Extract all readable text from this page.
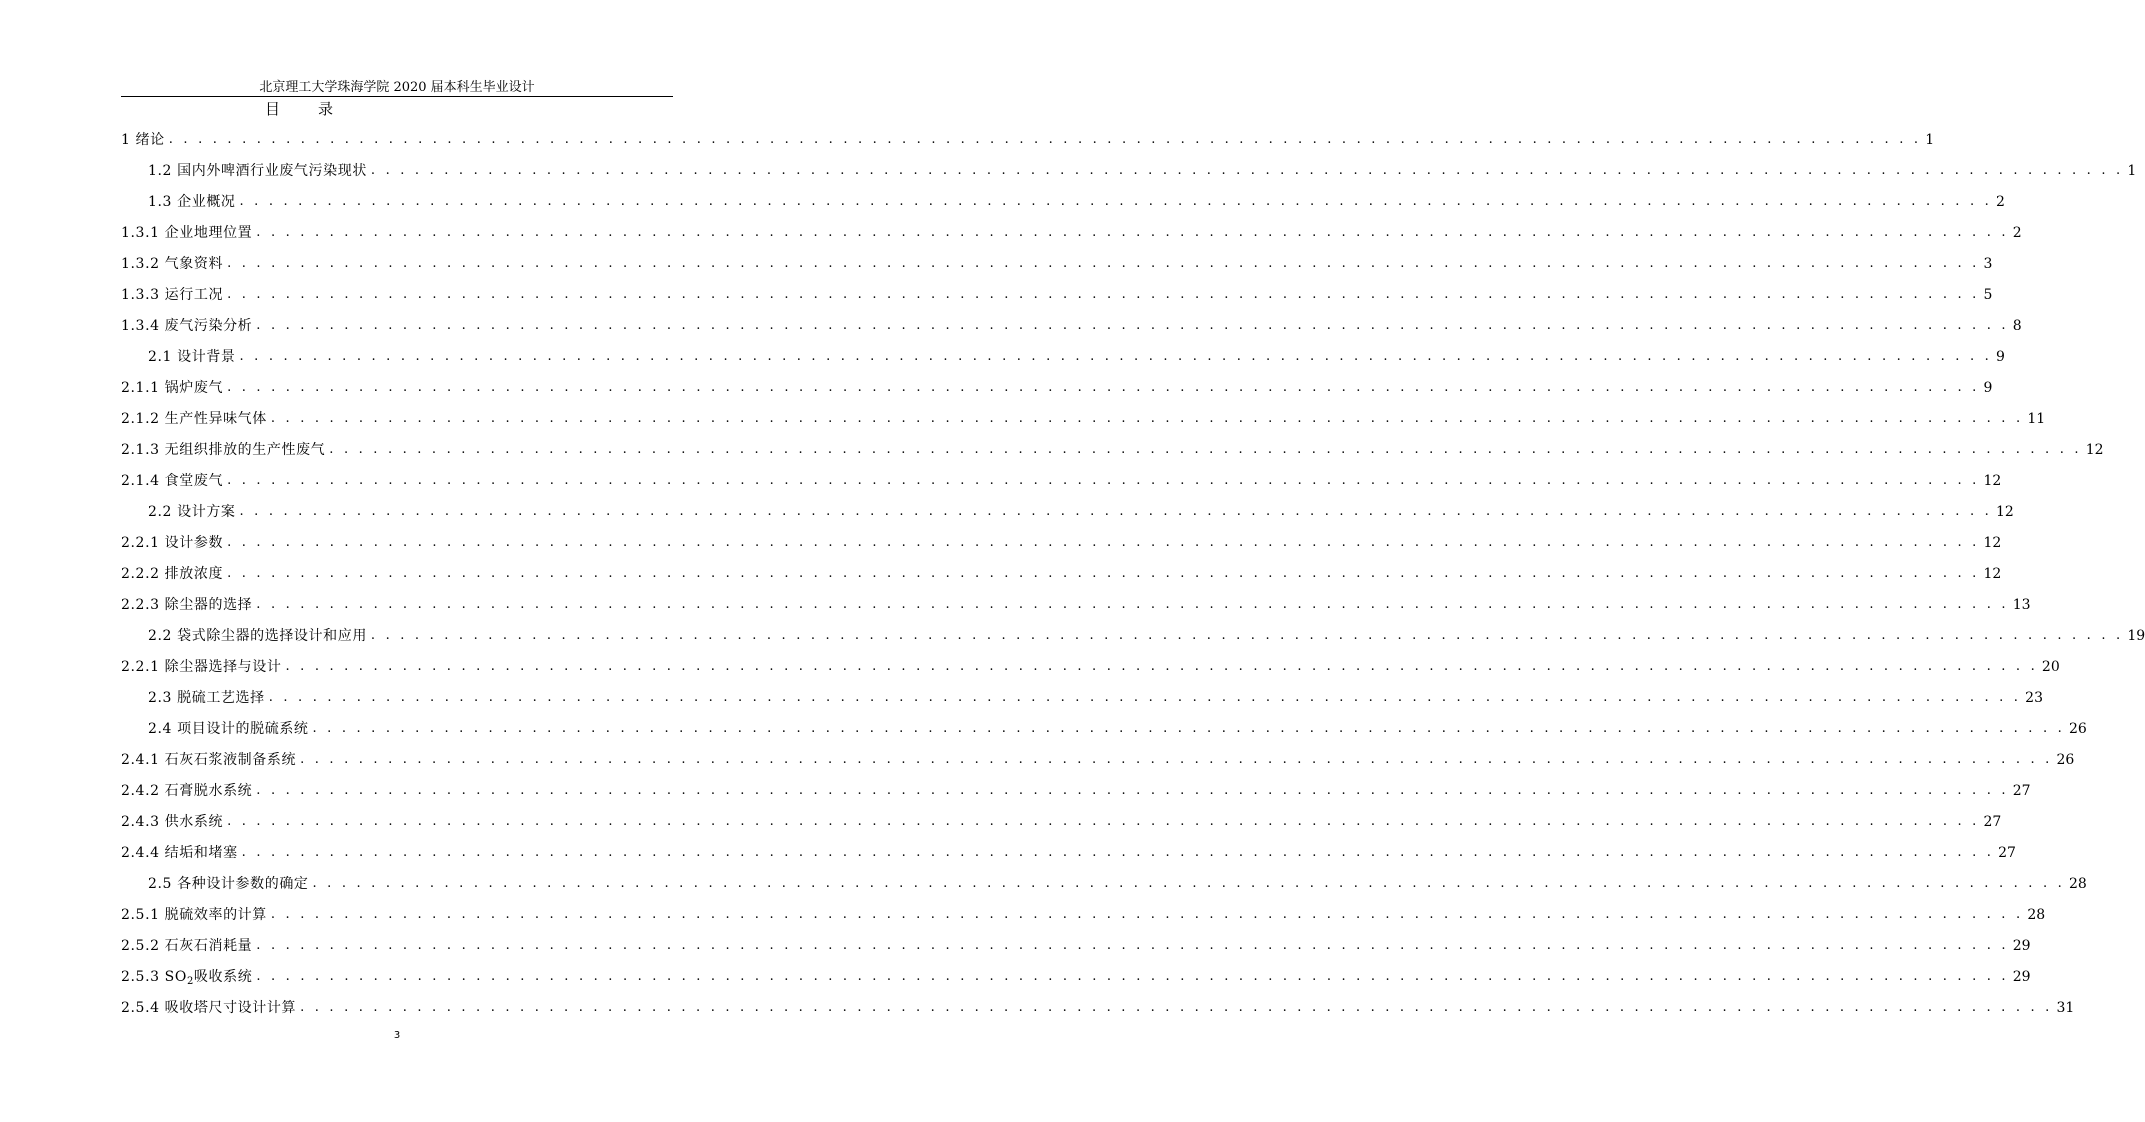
北京理工大学珠海学院 2020 届本科生毕业设计
目	录
1 绪论 . . . . . . . . . . . . . . . . . . . . . . . . . . . . . . . . . . . . . . . . . . . . . . . . . . . . . . . . . . . . . . . . . . . . . . . . . . . . . . . . . . . . . . . . . . . . . . . . . . . . . . . . . . . . . . . . . . . . . . . . 1
1.2 国内外啤酒行业废气污染现状 . . . . . . . . . . . . . . . . . . . . . . . . . . . . . . . . . . . . . . . . . . . . . . . . . . . . . . . . . . . . . . . . . . . . . . . . . . . . . . . . . . . . . . . . . . . . . . . . . . . . . . . . . . . . . . . . . . . . . . . . 1
1.3 企业概况 . . . . . . . . . . . . . . . . . . . . . . . . . . . . . . . . . . . . . . . . . . . . . . . . . . . . . . . . . . . . . . . . . . . . . . . . . . . . . . . . . . . . . . . . . . . . . . . . . . . . . . . . . . . . . . . . . . . . . . . . 2
1.3.1 企业地理位置 . . . . . . . . . . . . . . . . . . . . . . . . . . . . . . . . . . . . . . . . . . . . . . . . . . . . . . . . . . . . . . . . . . . . . . . . . . . . . . . . . . . . . . . . . . . . . . . . . . . . . . . . . . . . . . . . . . . . . . . . 2
1.3.2 气象资料 . . . . . . . . . . . . . . . . . . . . . . . . . . . . . . . . . . . . . . . . . . . . . . . . . . . . . . . . . . . . . . . . . . . . . . . . . . . . . . . . . . . . . . . . . . . . . . . . . . . . . . . . . . . . . . . . . . . . . . . . 3
1.3.3 运行工况 . . . . . . . . . . . . . . . . . . . . . . . . . . . . . . . . . . . . . . . . . . . . . . . . . . . . . . . . . . . . . . . . . . . . . . . . . . . . . . . . . . . . . . . . . . . . . . . . . . . . . . . . . . . . . . . . . . . . . . . . 5
1.3.4 废气污染分析 . . . . . . . . . . . . . . . . . . . . . . . . . . . . . . . . . . . . . . . . . . . . . . . . . . . . . . . . . . . . . . . . . . . . . . . . . . . . . . . . . . . . . . . . . . . . . . . . . . . . . . . . . . . . . . . . . . . . . . . . 8
2.1 设计背景 . . . . . . . . . . . . . . . . . . . . . . . . . . . . . . . . . . . . . . . . . . . . . . . . . . . . . . . . . . . . . . . . . . . . . . . . . . . . . . . . . . . . . . . . . . . . . . . . . . . . . . . . . . . . . . . . . . . . . . . . 9
2.1.1 锅炉废气 . . . . . . . . . . . . . . . . . . . . . . . . . . . . . . . . . . . . . . . . . . . . . . . . . . . . . . . . . . . . . . . . . . . . . . . . . . . . . . . . . . . . . . . . . . . . . . . . . . . . . . . . . . . . . . . . . . . . . . . . 9
2.1.2 生产性异味气体 . . . . . . . . . . . . . . . . . . . . . . . . . . . . . . . . . . . . . . . . . . . . . . . . . . . . . . . . . . . . . . . . . . . . . . . . . . . . . . . . . . . . . . . . . . . . . . . . . . . . . . . . . . . . . . . . . . . . . . . . 11
2.1.3 无组织排放的生产性废气 . . . . . . . . . . . . . . . . . . . . . . . . . . . . . . . . . . . . . . . . . . . . . . . . . . . . . . . . . . . . . . . . . . . . . . . . . . . . . . . . . . . . . . . . . . . . . . . . . . . . . . . . . . . . . . . . . . . . . . . . 12
2.1.4 食堂废气 . . . . . . . . . . . . . . . . . . . . . . . . . . . . . . . . . . . . . . . . . . . . . . . . . . . . . . . . . . . . . . . . . . . . . . . . . . . . . . . . . . . . . . . . . . . . . . . . . . . . . . . . . . . . . . . . . . . . . . . . 12
2.2 设计方案 . . . . . . . . . . . . . . . . . . . . . . . . . . . . . . . . . . . . . . . . . . . . . . . . . . . . . . . . . . . . . . . . . . . . . . . . . . . . . . . . . . . . . . . . . . . . . . . . . . . . . . . . . . . . . . . . . . . . . . . . 12
2.2.1 设计参数 . . . . . . . . . . . . . . . . . . . . . . . . . . . . . . . . . . . . . . . . . . . . . . . . . . . . . . . . . . . . . . . . . . . . . . . . . . . . . . . . . . . . . . . . . . . . . . . . . . . . . . . . . . . . . . . . . . . . . . . . 12
2.2.2 排放浓度 . . . . . . . . . . . . . . . . . . . . . . . . . . . . . . . . . . . . . . . . . . . . . . . . . . . . . . . . . . . . . . . . . . . . . . . . . . . . . . . . . . . . . . . . . . . . . . . . . . . . . . . . . . . . . . . . . . . . . . . . 12
2.2.3 除尘器的选择 . . . . . . . . . . . . . . . . . . . . . . . . . . . . . . . . . . . . . . . . . . . . . . . . . . . . . . . . . . . . . . . . . . . . . . . . . . . . . . . . . . . . . . . . . . . . . . . . . . . . . . . . . . . . . . . . . . . . . . . . 13
2.2 袋式除尘器的选择设计和应用 . . . . . . . . . . . . . . . . . . . . . . . . . . . . . . . . . . . . . . . . . . . . . . . . . . . . . . . . . . . . . . . . . . . . . . . . . . . . . . . . . . . . . . . . . . . . . . . . . . . . . . . . . . . . . . . . . . . . . . . . 19
2.2.1 除尘器选择与设计 . . . . . . . . . . . . . . . . . . . . . . . . . . . . . . . . . . . . . . . . . . . . . . . . . . . . . . . . . . . . . . . . . . . . . . . . . . . . . . . . . . . . . . . . . . . . . . . . . . . . . . . . . . . . . . . . . . . . . . . . 20
2.3 脱硫工艺选择 . . . . . . . . . . . . . . . . . . . . . . . . . . . . . . . . . . . . . . . . . . . . . . . . . . . . . . . . . . . . . . . . . . . . . . . . . . . . . . . . . . . . . . . . . . . . . . . . . . . . . . . . . . . . . . . . . . . . . . . . 23
2.4 项目设计的脱硫系统 . . . . . . . . . . . . . . . . . . . . . . . . . . . . . . . . . . . . . . . . . . . . . . . . . . . . . . . . . . . . . . . . . . . . . . . . . . . . . . . . . . . . . . . . . . . . . . . . . . . . . . . . . . . . . . . . . . . . . . . . 26
2.4.1 石灰石浆液制备系统 . . . . . . . . . . . . . . . . . . . . . . . . . . . . . . . . . . . . . . . . . . . . . . . . . . . . . . . . . . . . . . . . . . . . . . . . . . . . . . . . . . . . . . . . . . . . . . . . . . . . . . . . . . . . . . . . . . . . . . . . 26
2.4.2 石膏脱水系统 . . . . . . . . . . . . . . . . . . . . . . . . . . . . . . . . . . . . . . . . . . . . . . . . . . . . . . . . . . . . . . . . . . . . . . . . . . . . . . . . . . . . . . . . . . . . . . . . . . . . . . . . . . . . . . . . . . . . . . . . 27
2.4.3 供水系统 . . . . . . . . . . . . . . . . . . . . . . . . . . . . . . . . . . . . . . . . . . . . . . . . . . . . . . . . . . . . . . . . . . . . . . . . . . . . . . . . . . . . . . . . . . . . . . . . . . . . . . . . . . . . . . . . . . . . . . . . 27
2.4.4 结垢和堵塞 . . . . . . . . . . . . . . . . . . . . . . . . . . . . . . . . . . . . . . . . . . . . . . . . . . . . . . . . . . . . . . . . . . . . . . . . . . . . . . . . . . . . . . . . . . . . . . . . . . . . . . . . . . . . . . . . . . . . . . . . 27
2.5 各种设计参数的确定 . . . . . . . . . . . . . . . . . . . . . . . . . . . . . . . . . . . . . . . . . . . . . . . . . . . . . . . . . . . . . . . . . . . . . . . . . . . . . . . . . . . . . . . . . . . . . . . . . . . . . . . . . . . . . . . . . . . . . . . . 28
2.5.1 脱硫效率的计算 . . . . . . . . . . . . . . . . . . . . . . . . . . . . . . . . . . . . . . . . . . . . . . . . . . . . . . . . . . . . . . . . . . . . . . . . . . . . . . . . . . . . . . . . . . . . . . . . . . . . . . . . . . . . . . . . . . . . . . . . 28
2.5.2 石灰石消耗量 . . . . . . . . . . . . . . . . . . . . . . . . . . . . . . . . . . . . . . . . . . . . . . . . . . . . . . . . . . . . . . . . . . . . . . . . . . . . . . . . . . . . . . . . . . . . . . . . . . . . . . . . . . . . . . . . . . . . . . . . 29
2.5.3 $SO_2$吸收系统 . . . . . . . . . . . . . . . . . . . . . . . . . . . . . . . . . . . . . . . . . . . . . . . . . . . . . . . . . . . . . . . . . . . . . . . . . . . . . . . . . . . . . . . . . . . . . . . . . . . . . . . . . . . . . . . . . . . . . . . . 29
2.5.4 吸收塔尺寸设计计算 . . . . . . . . . . . . . . . . . . . . . . . . . . . . . . . . . . . . . . . . . . . . . . . . . . . . . . . . . . . . . . . . . . . . . . . . . . . . . . . . . . . . . . . . . . . . . . . . . . . . . . . . . . . . . . . . . . . . . . . . 31
3
